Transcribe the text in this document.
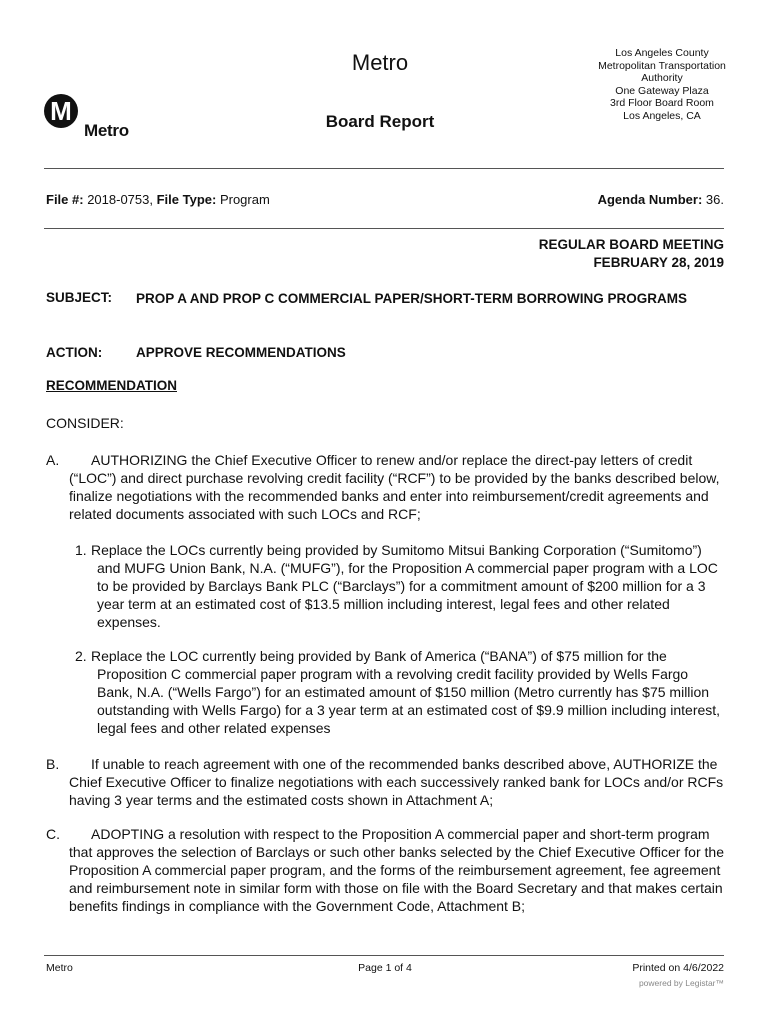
M
Metro
Metro
Board Report
Los Angeles County
Metropolitan Transportation
Authority
One Gateway Plaza
3rd Floor Board Room
Los Angeles, CA
File #: 2018-0753, File Type: Program	Agenda Number: 36.
REGULAR BOARD MEETING
FEBRUARY 28, 2019
SUBJECT: PROP A AND PROP C COMMERCIAL PAPER/SHORT-TERM BORROWING PROGRAMS
ACTION:	APPROVE RECOMMENDATIONS
RECOMMENDATION
CONSIDER:
A.	AUTHORIZING the Chief Executive Officer to renew and/or replace the direct-pay letters of credit (“LOC”) and direct purchase revolving credit facility (“RCF”) to be provided by the banks described below, finalize negotiations with the recommended banks and enter into reimbursement/credit agreements and related documents associated with such LOCs and RCF;
1. Replace the LOCs currently being provided by Sumitomo Mitsui Banking Corporation (“Sumitomo”) and MUFG Union Bank, N.A. (“MUFG”), for the Proposition A commercial paper program with a LOC to be provided by Barclays Bank PLC (“Barclays”) for a commitment amount of $200 million for a 3 year term at an estimated cost of $13.5 million including interest, legal fees and other related expenses.
2. Replace the LOC currently being provided by Bank of America (“BANA”) of $75 million for the Proposition C commercial paper program with a revolving credit facility provided by Wells Fargo Bank, N.A. (“Wells Fargo”) for an estimated amount of $150 million (Metro currently has $75 million outstanding with Wells Fargo) for a 3 year term at an estimated cost of $9.9 million including interest, legal fees and other related expenses
B.	If unable to reach agreement with one of the recommended banks described above, AUTHORIZE the Chief Executive Officer to finalize negotiations with each successively ranked bank for LOCs and/or RCFs having 3 year terms and the estimated costs shown in Attachment A;
C.	ADOPTING a resolution with respect to the Proposition A commercial paper and short-term program that approves the selection of Barclays or such other banks selected by the Chief Executive Officer for the Proposition A commercial paper program, and the forms of the reimbursement agreement, fee agreement and reimbursement note in similar form with those on file with the Board Secretary and that makes certain benefits findings in compliance with the Government Code, Attachment B;
Metro	Page 1 of 4	Printed on 4/6/2022
powered by Legistar™
